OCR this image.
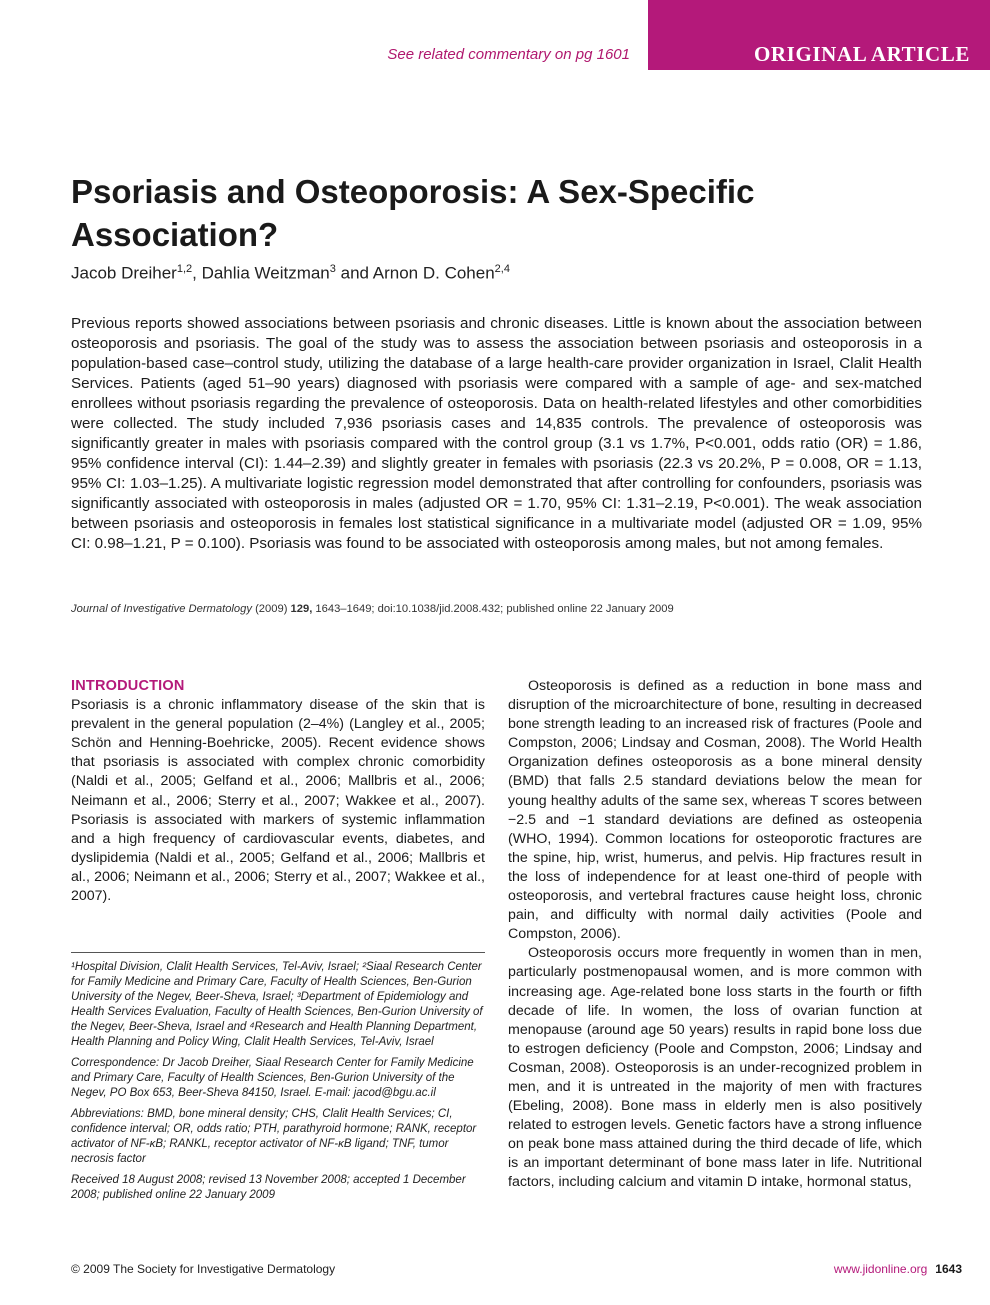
See related commentary on pg 1601	ORIGINAL ARTICLE
Psoriasis and Osteoporosis: A Sex-Specific Association?
Jacob Dreiher$^{1,2}$, Dahlia Weitzman$^3$ and Arnon D. Cohen$^{2,4}$
Previous reports showed associations between psoriasis and chronic diseases. Little is known about the association between osteoporosis and psoriasis. The goal of the study was to assess the association between psoriasis and osteoporosis in a population-based case–control study, utilizing the database of a large health-care provider organization in Israel, Clalit Health Services. Patients (aged 51–90 years) diagnosed with psoriasis were compared with a sample of age- and sex-matched enrollees without psoriasis regarding the prevalence of osteoporosis. Data on health-related lifestyles and other comorbidities were collected. The study included 7,936 psoriasis cases and 14,835 controls. The prevalence of osteoporosis was significantly greater in males with psoriasis compared with the control group (3.1 vs 1.7%, P<0.001, odds ratio (OR) = 1.86, 95% confidence interval (CI): 1.44–2.39) and slightly greater in females with psoriasis (22.3 vs 20.2%, P = 0.008, OR = 1.13, 95% CI: 1.03–1.25). A multivariate logistic regression model demonstrated that after controlling for confounders, psoriasis was significantly associated with osteoporosis in males (adjusted OR = 1.70, 95% CI: 1.31–2.19, P<0.001). The weak association between psoriasis and osteoporosis in females lost statistical significance in a multivariate model (adjusted OR = 1.09, 95% CI: 0.98–1.21, P = 0.100). Psoriasis was found to be associated with osteoporosis among males, but not among females.
Journal of Investigative Dermatology (2009) 129, 1643–1649; doi:10.1038/jid.2008.432; published online 22 January 2009
INTRODUCTION

Psoriasis is a chronic inflammatory disease of the skin that is prevalent in the general population (2–4%) (Langley et al., 2005; Schön and Henning-Boehricke, 2005). Recent evidence shows that psoriasis is associated with complex chronic comorbidity (Naldi et al., 2005; Gelfand et al., 2006; Mallbris et al., 2006; Neimann et al., 2006; Sterry et al., 2007; Wakkee et al., 2007). Psoriasis is associated with markers of systemic inflammation and a high frequency of cardiovascular events, diabetes, and dyslipidemia (Naldi et al., 2005; Gelfand et al., 2006; Mallbris et al., 2006; Neimann et al., 2006; Sterry et al., 2007; Wakkee et al., 2007).

¹Hospital Division, Clalit Health Services, Tel-Aviv, Israel; ²Siaal Research Center for Family Medicine and Primary Care, Faculty of Health Sciences, Ben-Gurion University of the Negev, Beer-Sheva, Israel; ³Department of Epidemiology and Health Services Evaluation, Faculty of Health Sciences, Ben-Gurion University of the Negev, Beer-Sheva, Israel and ⁴Research and Health Planning Department, Health Planning and Policy Wing, Clalit Health Services, Tel-Aviv, Israel

Correspondence: Dr Jacob Dreiher, Siaal Research Center for Family Medicine and Primary Care, Faculty of Health Sciences, Ben-Gurion University of the Negev, PO Box 653, Beer-Sheva 84150, Israel. E-mail: jacod@bgu.ac.il

Abbreviations: BMD, bone mineral density; CHS, Clalit Health Services; CI, confidence interval; OR, odds ratio; PTH, parathyroid hormone; RANK, receptor activator of NF-κB; RANKL, receptor activator of NF-κB ligand; TNF, tumor necrosis factor

Received 18 August 2008; revised 13 November 2008; accepted 1 December 2008; published online 22 January 2009

Osteoporosis is defined as a reduction in bone mass and disruption of the microarchitecture of bone, resulting in decreased bone strength leading to an increased risk of fractures (Poole and Compston, 2006; Lindsay and Cosman, 2008). The World Health Organization defines osteoporosis as a bone mineral density (BMD) that falls 2.5 standard deviations below the mean for young healthy adults of the same sex, whereas T scores between −2.5 and −1 standard deviations are defined as osteopenia (WHO, 1994). Common locations for osteoporotic fractures are the spine, hip, wrist, humerus, and pelvis. Hip fractures result in the loss of independence for at least one-third of people with osteoporosis, and vertebral fractures cause height loss, chronic pain, and difficulty with normal daily activities (Poole and Compston, 2006).

Osteoporosis occurs more frequently in women than in men, particularly postmenopausal women, and is more common with increasing age. Age-related bone loss starts in the fourth or fifth decade of life. In women, the loss of ovarian function at menopause (around age 50 years) results in rapid bone loss due to estrogen deficiency (Poole and Compston, 2006; Lindsay and Cosman, 2008). Osteoporosis is an under-recognized problem in men, and it is untreated in the majority of men with fractures (Ebeling, 2008). Bone mass in elderly men is also positively related to estrogen levels. Genetic factors have a strong influence on peak bone mass attained during the third decade of life, which is an important determinant of bone mass later in life. Nutritional factors, including calcium and vitamin D intake, hormonal status,

© 2009 The Society for Investigative Dermatology	www.jidonline.org 1643
